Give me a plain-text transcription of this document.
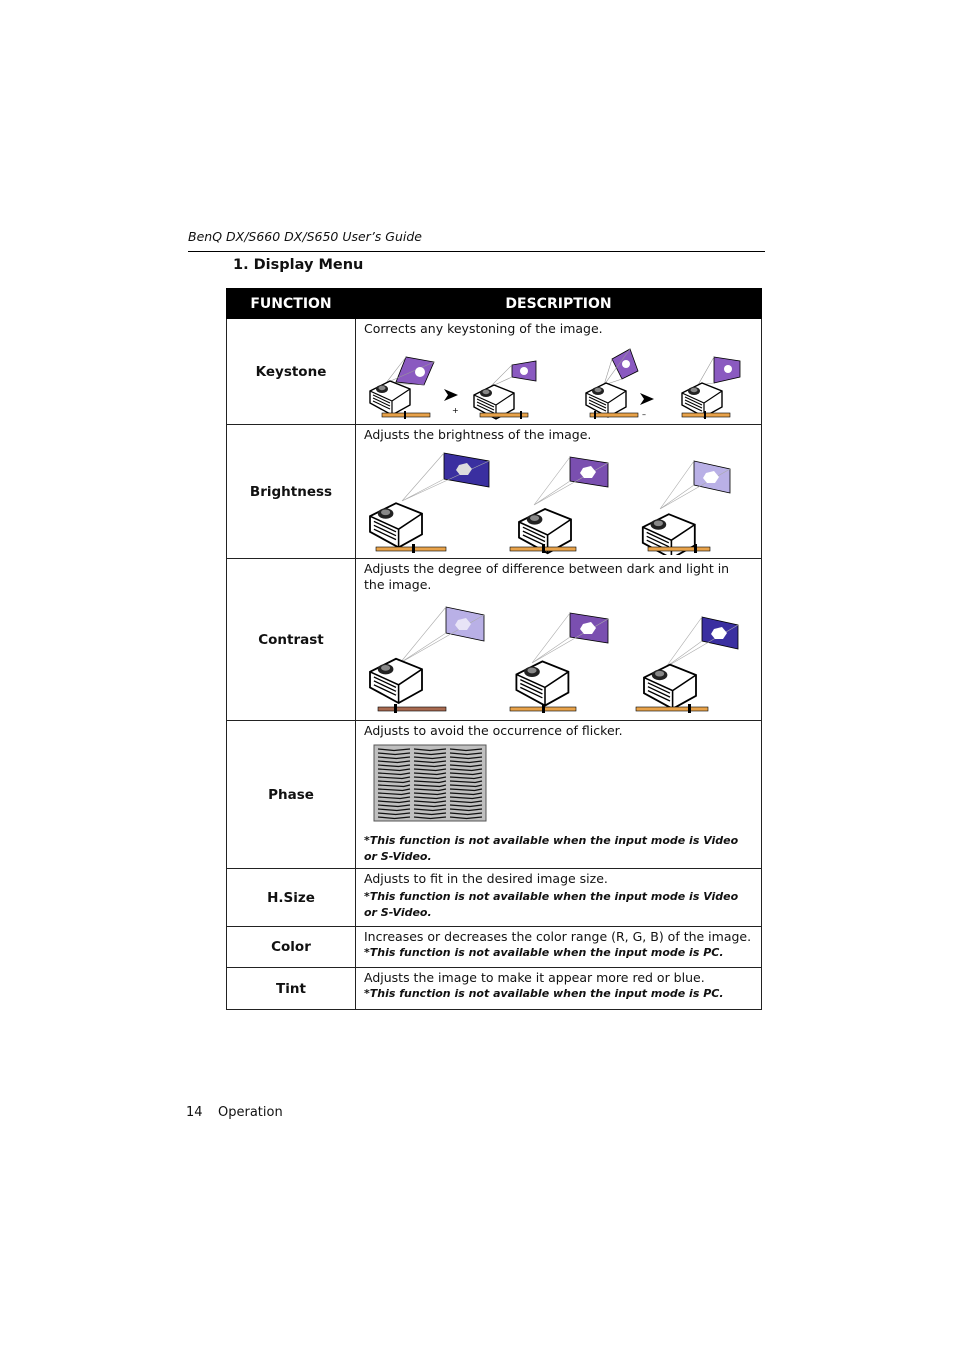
BenQ DX/S660 DX/S650 User’s Guide
1. Display Menu
FUNCTION	DESCRIPTION
Keystone	Corrects any keystoning of the image.
+ –

Brightness	Adjusts the brightness of the image.

Contrast	Adjusts the degree of difference between dark and light in the image.

Phase	Adjusts to avoid the occurrence of flicker.
*This function is not available when the input mode is Video or S-Video.

H.Size	Adjusts to fit in the desired image size.
*This function is not available when the input mode is Video or S-Video.

Color	Increases or decreases the color range (R, G, B) of the image.
*This function is not available when the input mode is PC.

Tint	Adjusts the image to make it appear more red or blue.
*This function is not available when the input mode is PC.
14 Operation
